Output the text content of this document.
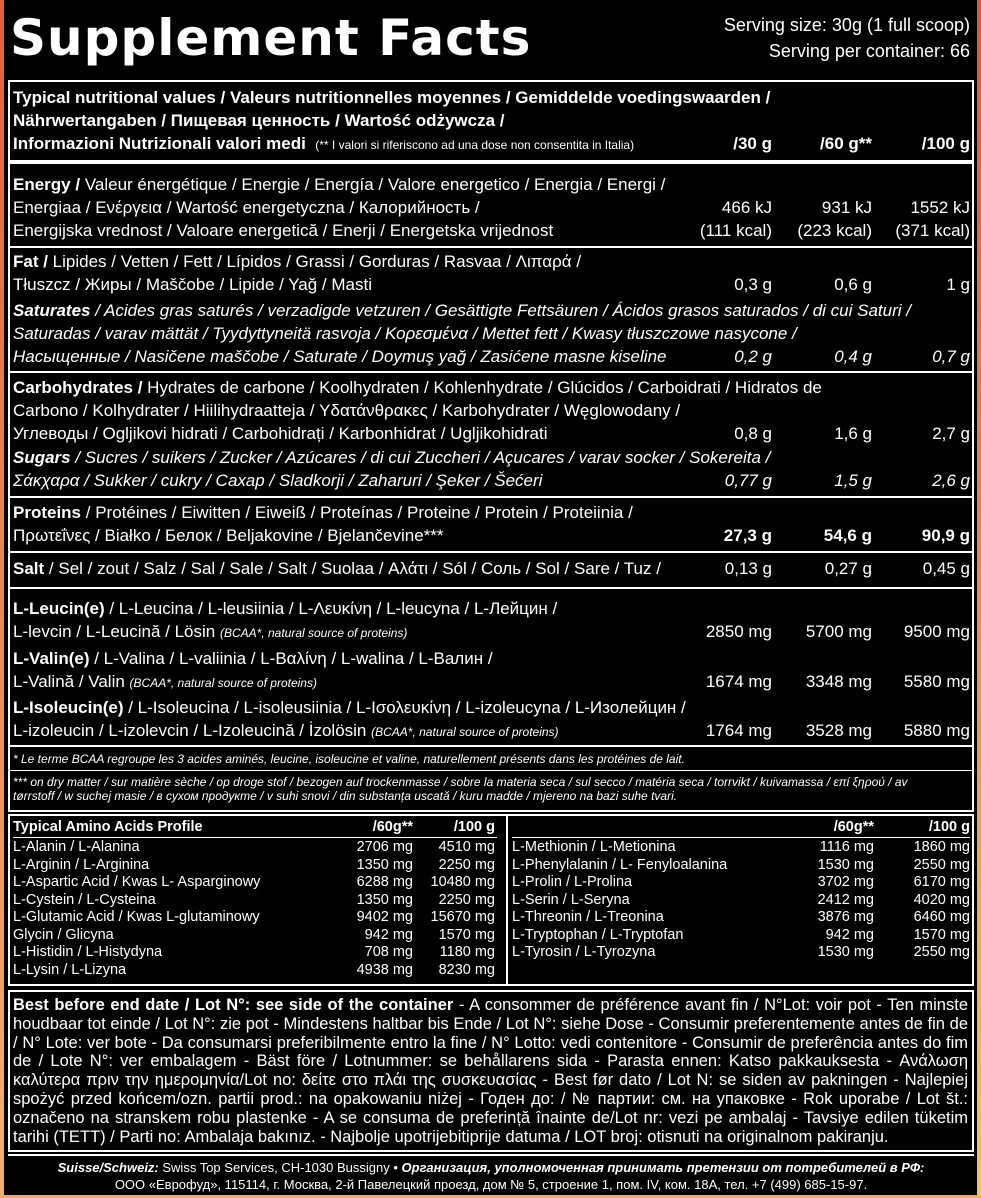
Supplement Facts	Serving size: 30g (1 full scoop)
Serving per container: 66
Typical nutritional values / Valeurs nutritionnelles moyennes / Gemiddelde voedingswaarden /
Nährwertangaben / Пищевая ценность / Wartość odżywcza /
Informazioni Nutrizionali valori medi (** I valori si riferiscono ad una dose non consentita in Italia)	/30 g	/60 g**	/100 g
Energy / Valeur énergétique / Energie / Energía / Valore energetico / Energia / Energi /
Energiaa / Ενέργεια / Wartość energetyczna / Калорийность /
Energijska vrednost / Valoare energetică / Enerji / Energetska vrijednost
466 kJ	931 kJ	1552 kJ
(111 kcal)	(223 kcal)	(371 kcal)
Fat / Lipides / Vetten / Fett / Lípidos / Grassi / Gorduras / Rasvaa / Λιπαρά /
Tłuszcz / Жиры / Maščobe / Lipide / Yağ / Masti	0,3 g	0,6 g	1 g
Saturates / Acides gras saturés / verzadigde vetzuren / Gesättigte Fettsäuren / Ácidos grasos saturados / di cui Saturi /
Saturadas / varav mättät / Tyydyttyneitä rasvoja / Κορεσμένα / Mettet fett / Kwasy tłuszczowe nasycone /
Насыщенные / Nasičene maščobe / Saturate / Doymuş yağ / Zasićene masne kiseline	0,2 g	0,4 g	0,7 g
Carbohydrates / Hydrates de carbone / Koolhydraten / Kohlenhydrate / Glúcidos / Carboidrati / Hidratos de
Carbono / Kolhydrater / Hiilihydraatteja / Υδατάνθρακες / Karbohydrater / Węglowodany /
Углеводы / Ogljikovi hidrati / Carbohidrați / Karbonhidrat / Ugljikohidrati	0,8 g	1,6 g	2,7 g
Sugars / Sucres / suikers / Zucker / Azúcares / di cui Zuccheri / Açucares / varav socker / Sokereita /
Σάκχαρα / Sukker / cukry / Сахар / Sladkorji / Zaharuri / Şeker / Šećeri	0,77 g	1,5 g	2,6 g
Proteins / Protéines / Eiwitten / Eiweiß / Proteínas / Proteine / Protein / Proteiinia /
Πρωτεΐνες / Białko / Белок / Beljakovine / Bjelančevine***	27,3 g	54,6 g	90,9 g
Salt / Sel / zout / Salz / Sal / Sale / Salt / Suolaa / Αλάτι / Sól / Соль / Sol / Sare / Tuz /	0,13 g	0,27 g	0,45 g
L-Leucin(e) / L-Leucina / L-leusiinia / L-Λευκίνη / L-leucyna / L-Лейцин /
L-levcin / L-Leucină / Lösin (BCAA*, natural source of proteins)	2850 mg	5700 mg	9500 mg
L-Valin(e) / L-Valina / L-valiinia / L-Βαλίνη / L-walina / L-Валин /
L-Valină / Valin (BCAA*, natural source of proteins)	1674 mg	3348 mg	5580 mg
L-Isoleucin(e) / L-Isoleucina / L-isoleusiinia / L-Ισολευκίνη / L-izoleucyna / L-Изолейцин /
L-izoleucin / L-izolevcin / L-Izoleucină / İzolösin (BCAA*, natural source of proteins)	1764 mg	3528 mg	5880 mg
* Le terme BCAA regroupe les 3 acides aminés, leucine, isoleucine et valine, naturellement présents dans les protéines de lait.
*** on dry matter / sur matière sèche / op droge stof / bezogen auf trockenmasse / sobre la materia seca / sul secco / matéria seca / torrvikt / kuivamassa / επί ξηρού / av
tørrstoff / w suchej masie / в сухом продукте / v suhi snovi / din substanța uscată / kuru madde / mjereno na bazi suhe tvari.
Typical Amino Acids Profile	/60g**	/100 g
L-Alanin / L-Alanina	2706 mg	4510 mg
L-Arginin / L-Arginina	1350 mg	2250 mg
L-Aspartic Acid / Kwas L- Asparginowy	6288 mg	10480 mg
L-Cystein / L-Cysteina	1350 mg	2250 mg
L-Glutamic Acid / Kwas L-glutaminowy	9402 mg	15670 mg
Glycin / Glicyna	942 mg	1570 mg
L-Histidin / L-Histydyna	708 mg	1180 mg
L-Lysin / L-Lizyna	4938 mg	8230 mg
/60g**	/100 g
L-Methionin / L-Metionina	1116 mg	1860 mg
L-Phenylalanin / L- Fenyloalanina	1530 mg	2550 mg
L-Prolin / L-Prolina	3702 mg	6170 mg
L-Serin / L-Seryna	2412 mg	4020 mg
L-Threonin / L-Treonina	3876 mg	6460 mg
L-Tryptophan / L-Tryptofan	942 mg	1570 mg
L-Tyrosin / L-Tyrozyna	1530 mg	2550 mg
Best before end date / Lot N°: see side of the container - A consommer de préférence avant fin / N°Lot: voir pot - Ten minste houdbaar tot einde / Lot N°: zie pot - Mindestens haltbar bis Ende / Lot N°: siehe Dose - Consumir preferentemente antes de fin de / N° Lote: ver bote - Da consumarsi preferibilmente entro la fine / N° Lotto: vedi contenitore - Consumir de preferência antes do fim de / Lote N°: ver embalagem - Bäst före / Lotnummer: se behållarens sida - Parasta ennen: Katso pakkauksesta - Ανάλωση καλύτερα πριν την ημερομηνία/Lot no: δείτε στο πλάι της συσκευασίας - Best før dato / Lot N: se siden av pakningen - Najlepiej spożyć przed końcem/ozn. partii prod.: na opakowaniu niżej - Годен до: / № партии: см. на упаковке - Rok uporabe / Lot št.: označeno na stranskem robu plastenke - A se consuma de preferință înainte de/Lot nr: vezi pe ambalaj - Tavsiye edilen tüketim tarihi (TETT) / Parti no: Ambalaja bakınız. - Najbolje upotrijebitiprije datuma / LOT broj: otisnuti na originalnom pakiranju.
Suisse/Schweiz: Swiss Top Services, CH-1030 Bussigny • Организация, уполномоченная принимать претензии от потребителей в РФ:
ООО «Еврофуд», 115114, г. Москва, 2-й Павелецкий проезд, дом № 5, строение 1, пом. IV, ком. 18А, тел. +7 (499) 685-15-97.
